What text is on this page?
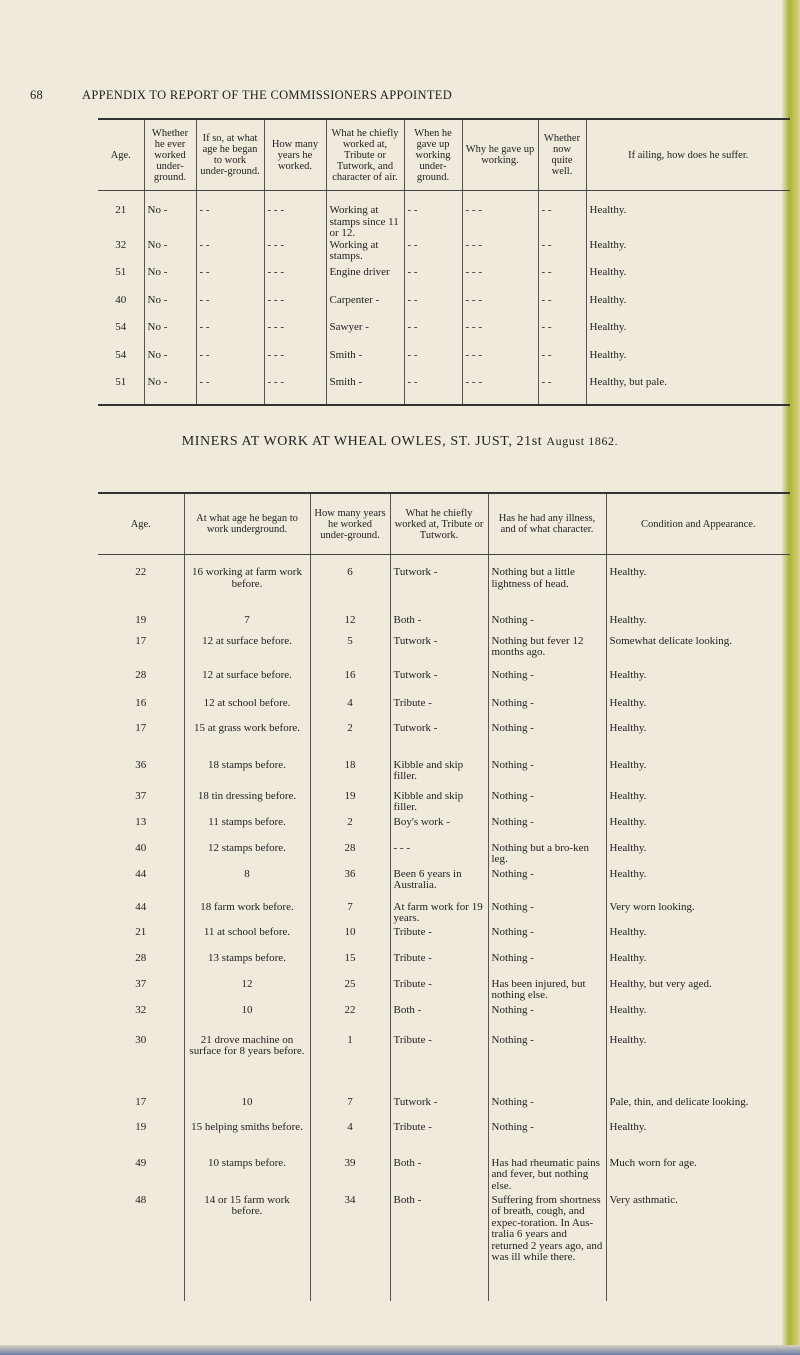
68	APPENDIX TO REPORT OF THE COMMISSIONERS APPOINTED
Age.	Whether he ever worked under-ground.	If so, at what age he began to work under-ground.	How many years he worked.	What he chiefly worked at, Tribute or Tutwork, and character of air.	When he gave up working under-ground.	Why he gave up working.	Whether now quite well.	If ailing, how does he suffer.
21	No -	- -	- - -	Working at stamps since 11 or 12.	- -	- - -	- -	Healthy.
32	No -	- -	- - -	Working at stamps.	- -	- - -	- -	Healthy.
51	No -	- -	- - -	Engine driver	- -	- - -	- -	Healthy.
40	No -	- -	- - -	Carpenter -	- -	- - -	- -	Healthy.
54	No -	- -	- - -	Sawyer -	- -	- - -	- -	Healthy.
54	No -	- -	- - -	Smith -	- -	- - -	- -	Healthy.
51	No -	- -	- - -	Smith -	- -	- - -	- -	Healthy, but pale.
MINERS AT WORK AT WHEAL OWLES, ST. JUST, 21st August 1862.
Age.	At what age he began to work underground.	How many years he worked under-ground.	What he chiefly worked at, Tribute or Tutwork.	Has he had any illness, and of what character.	Condition and Appearance.
22	16 working at farm work before.	6	Tutwork -	Nothing but a little lightness of head.	Healthy.
19	7	12	Both -	Nothing -	Healthy.
17	12 at surface before.	5	Tutwork -	Nothing but fever 12 months ago.	Somewhat delicate looking.
28	12 at surface before.	16	Tutwork -	Nothing -	Healthy.
16	12 at school before.	4	Tribute -	Nothing -	Healthy.
17	15 at grass work before.	2	Tutwork -	Nothing -	Healthy.
36	18 stamps before.	18	Kibble and skip filler.	Nothing -	Healthy.
37	18 tin dressing before.	19	Kibble and skip filler.	Nothing -	Healthy.
13	11 stamps before.	2	Boy's work -	Nothing -	Healthy.
40	12 stamps before.	28	- - -	Nothing but a bro-ken leg.	Healthy.
44	8	36	Been 6 years in Australia.	Nothing -	Healthy.
44	18 farm work before.	7	At farm work for 19 years.	Nothing -	Very worn looking.
21	11 at school before.	10	Tribute -	Nothing -	Healthy.
28	13 stamps before.	15	Tribute -	Nothing -	Healthy.
37	12	25	Tribute -	Has been injured, but nothing else.	Healthy, but very aged.
32	10	22	Both -	Nothing -	Healthy.
30	21 drove machine on surface for 8 years before.	1	Tribute -	Nothing -	Healthy.
17	10	7	Tutwork -	Nothing -	Pale, thin, and delicate looking.
19	15 helping smiths before.	4	Tribute -	Nothing -	Healthy.
49	10 stamps before.	39	Both -	Has had rheumatic pains and fever, but nothing else.	Much worn for age.
48	14 or 15 farm work before.	34	Both -	Suffering from shortness of breath, cough, and expec-toration. In Aus-tralia 6 years and returned 2 years ago, and was ill while there.	Very asthmatic.
